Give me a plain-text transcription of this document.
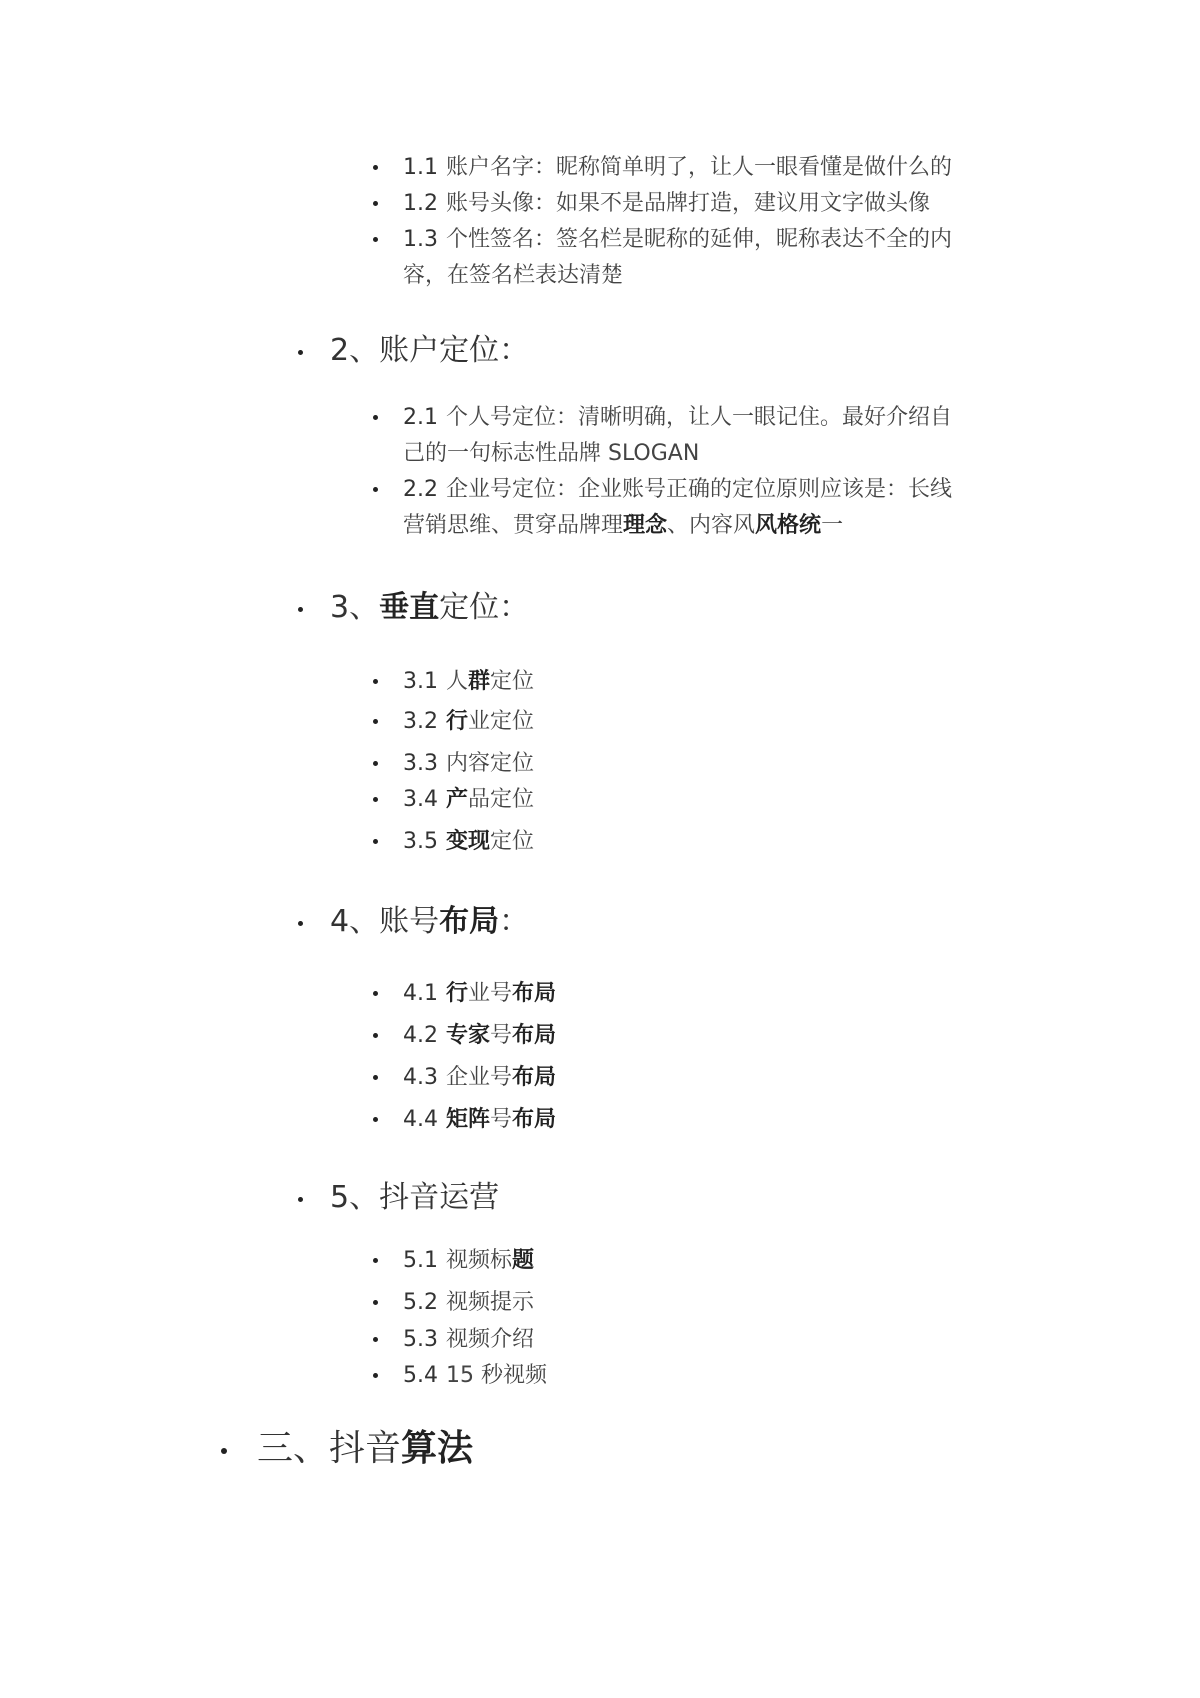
1.1 账户名字：昵称简单明了，让人一眼看懂是做什么的
1.2 账号头像：如果不是品牌打造，建议用文字做头像
1.3 个性签名：签名栏是昵称的延伸，昵称表达不全的内
容，在签名栏表达清楚
2、账户定位：
2.1 个人号定位：清晰明确，让人一眼记住。最好介绍自
己的一句标志性品牌 SLOGAN
2.2 企业号定位：企业账号正确的定位原则应该是：长线
营销思维、贯穿品牌理理念、内容风风格统一
3、垂直定位：
3.1 人群定位
3.2 行业定位
3.3 内容定位
3.4 产品定位
3.5 变现定位
4、账号布局：
4.1 行业号布局
4.2 专家号布局
4.3 企业号布局
4.4 矩阵号布局
5、抖音运营
5.1 视频标题
5.2 视频提示
5.3 视频介绍
5.4 15 秒视频
三、抖音算法
